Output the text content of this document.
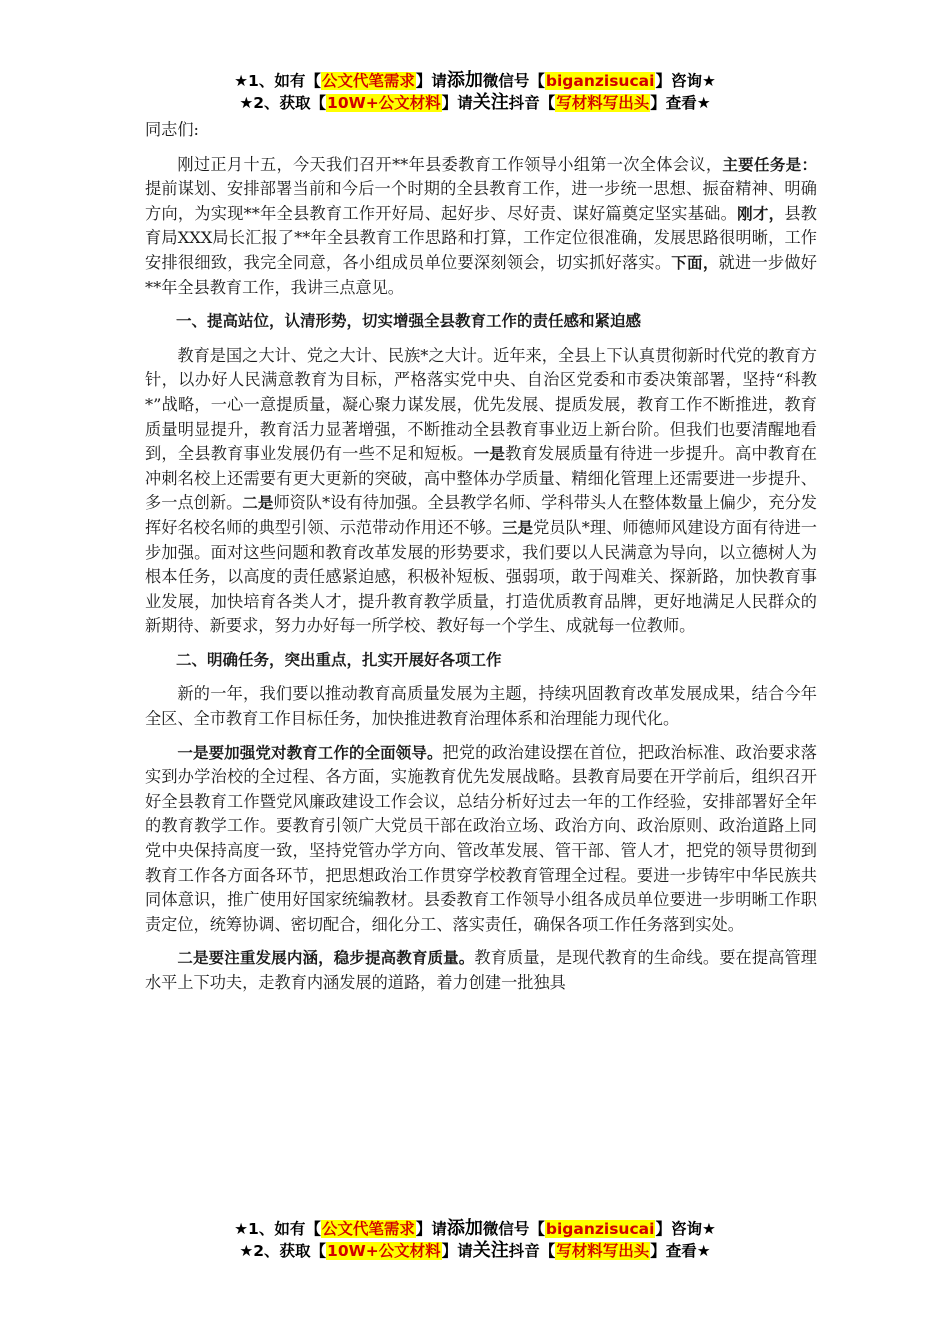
★1、如有【公文代笔需求】请添加微信号【biganzisucai】咨询★
★2、获取【10W+公文材料】请关注抖音【写材料写出头】查看★
同志们:

刚过正月十五，今天我们召开**年县委教育工作领导小组第一次全体会议，主要任务是：提前谋划、安排部署当前和今后一个时期的全县教育工作，进一步统一思想、振奋精神、明确方向，为实现**年全县教育工作开好局、起好步、尽好责、谋好篇奠定坚实基础。刚才，县教育局XXX局长汇报了**年全县教育工作思路和打算，工作定位很准确，发展思路很明晰，工作安排很细致，我完全同意，各小组成员单位要深刻领会，切实抓好落实。下面，就进一步做好**年全县教育工作，我讲三点意见。

一、提高站位，认清形势，切实增强全县教育工作的责任感和紧迫感

教育是国之大计、党之大计、民族*之大计。近年来，全县上下认真贯彻新时代党的教育方针，以办好人民满意教育为目标，严格落实党中央、自治区党委和市委决策部署，坚持“科教*”战略，一心一意提质量，凝心聚力谋发展，优先发展、提质发展，教育工作不断推进，教育质量明显提升，教育活力显著增强，不断推动全县教育事业迈上新台阶。但我们也要清醒地看到，全县教育事业发展仍有一些不足和短板。一是教育发展质量有待进一步提升。高中教育在冲刺名校上还需要有更大更新的突破，高中整体办学质量、精细化管理上还需要进一步提升、多一点创新。二是师资队*设有待加强。全县教学名师、学科带头人在整体数量上偏少，充分发挥好名校名师的典型引领、示范带动作用还不够。三是党员队*理、师德师风建设方面有待进一步加强。面对这些问题和教育改革发展的形势要求，我们要以人民满意为导向，以立德树人为根本任务，以高度的责任感紧迫感，积极补短板、强弱项，敢于闯难关、探新路，加快教育事业发展，加快培育各类人才，提升教育教学质量，打造优质教育品牌，更好地满足人民群众的新期待、新要求，努力办好每一所学校、教好每一个学生、成就每一位教师。

二、明确任务，突出重点，扎实开展好各项工作

新的一年，我们要以推动教育高质量发展为主题，持续巩固教育改革发展成果，结合今年全区、全市教育工作目标任务，加快推进教育治理体系和治理能力现代化。

一是要加强党对教育工作的全面领导。把党的政治建设摆在首位，把政治标准、政治要求落实到办学治校的全过程、各方面，实施教育优先发展战略。县教育局要在开学前后，组织召开好全县教育工作暨党风廉政建设工作会议，总结分析好过去一年的工作经验，安排部署好全年的教育教学工作。要教育引领广大党员干部在政治立场、政治方向、政治原则、政治道路上同党中央保持高度一致，坚持党管办学方向、管改革发展、管干部、管人才，把党的领导贯彻到教育工作各方面各环节，把思想政治工作贯穿学校教育管理全过程。要进一步铸牢中华民族共同体意识，推广使用好国家统编教材。县委教育工作领导小组各成员单位要进一步明晰工作职责定位，统筹协调、密切配合，细化分工、落实责任，确保各项工作任务落到实处。

二是要注重发展内涵，稳步提高教育质量。教育质量，是现代教育的生命线。要在提高管理水平上下功夫，走教育内涵发展的道路，着力创建一批独具

★1、如有【公文代笔需求】请添加微信号【biganzisucai】咨询★
★2、获取【10W+公文材料】请关注抖音【写材料写出头】查看★
